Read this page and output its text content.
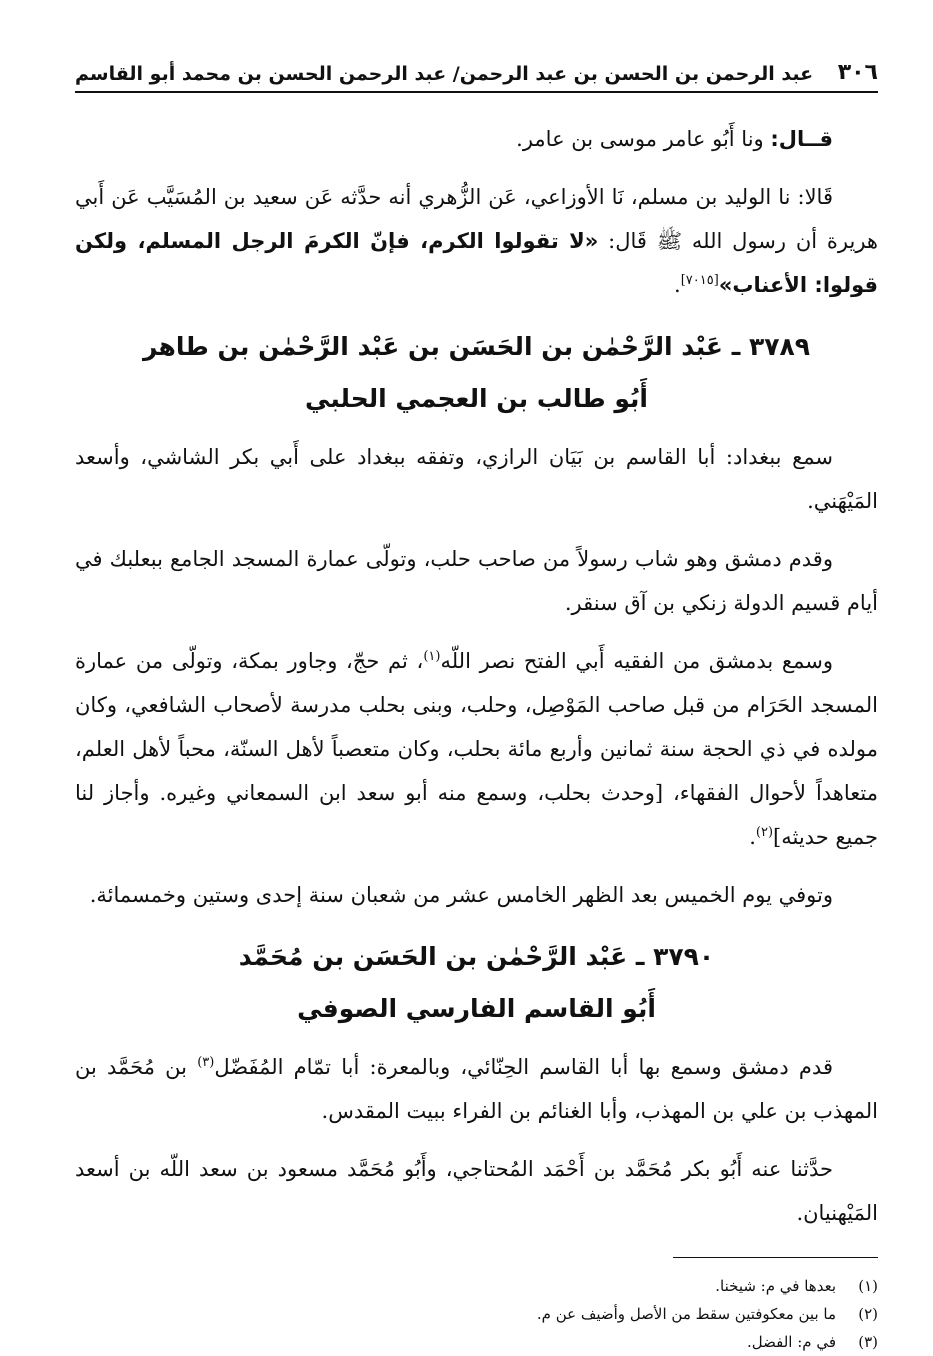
٣٠٦
عبد الرحمن بن الحسن بن عبد الرحمن/ عبد الرحمن الحسن بن محمد أبو القاسم

قــال: ونا أَبُو عامر موسى بن عامر.

قَالا: نا الوليد بن مسلم، نَا الأوزاعي، عَن الزُّهري أنه حدَّثه عَن سعيد بن المُسَيَّب عَن أَبي هريرة أن رسول الله ﷺ قَال: «لا تقولوا الكرم، فإنّ الكرمَ الرجل المسلم، ولكن قولوا: الأعناب»[٧٠١٥].

٣٧٨٩ ـ عَبْد الرَّحْمٰن بن الحَسَن بن عَبْد الرَّحْمٰن بن طاهر
أَبُو طالب بن العجمي الحلبي

سمع ببغداد: أبا القاسم بن بَيَان الرازي، وتفقه ببغداد على أَبي بكر الشاشي، وأسعد المَيْهَني.

وقدم دمشق وهو شاب رسولاً من صاحب حلب، وتولّى عمارة المسجد الجامع ببعلبك في أيام قسيم الدولة زنكي بن آق سنقر.

وسمع بدمشق من الفقيه أَبي الفتح نصر اللّه$^{(١)}$، ثم حجّ، وجاور بمكة، وتولّى من عمارة المسجد الحَرَام من قبل صاحب المَوْصِل، وحلب، وبنى بحلب مدرسة لأصحاب الشافعي، وكان مولده في ذي الحجة سنة ثمانين وأربع مائة بحلب، وكان متعصباً لأهل السنّة، محباً لأهل العلم، متعاهداً لأحوال الفقهاء، [وحدث بحلب، وسمع منه أبو سعد ابن السمعاني وغيره. وأجاز لنا جميع حديثه]$^{(٢)}$.

وتوفي يوم الخميس بعد الظهر الخامس عشر من شعبان سنة إحدى وستين وخمسمائة.

٣٧٩٠ ـ عَبْد الرَّحْمٰن بن الحَسَن بن مُحَمَّد
أَبُو القاسم الفارسي الصوفي

قدم دمشق وسمع بها أبا القاسم الحِنّائي، وبالمعرة: أبا تمّام المُفَضّل$^{(٣)}$ بن مُحَمَّد بن المهذب بن علي بن المهذب، وأبا الغنائم بن الفراء ببيت المقدس.

حدَّثنا عنه أَبُو بكر مُحَمَّد بن أَحْمَد المُحتاجي، وأَبُو مُحَمَّد مسعود بن سعد اللّه بن أسعد المَيْهنيان.

(١)
بعدها في م: شيخنا.
(٢)
ما بين معكوفتين سقط من الأصل وأضيف عن م.
(٣)
في م: الفضل.
